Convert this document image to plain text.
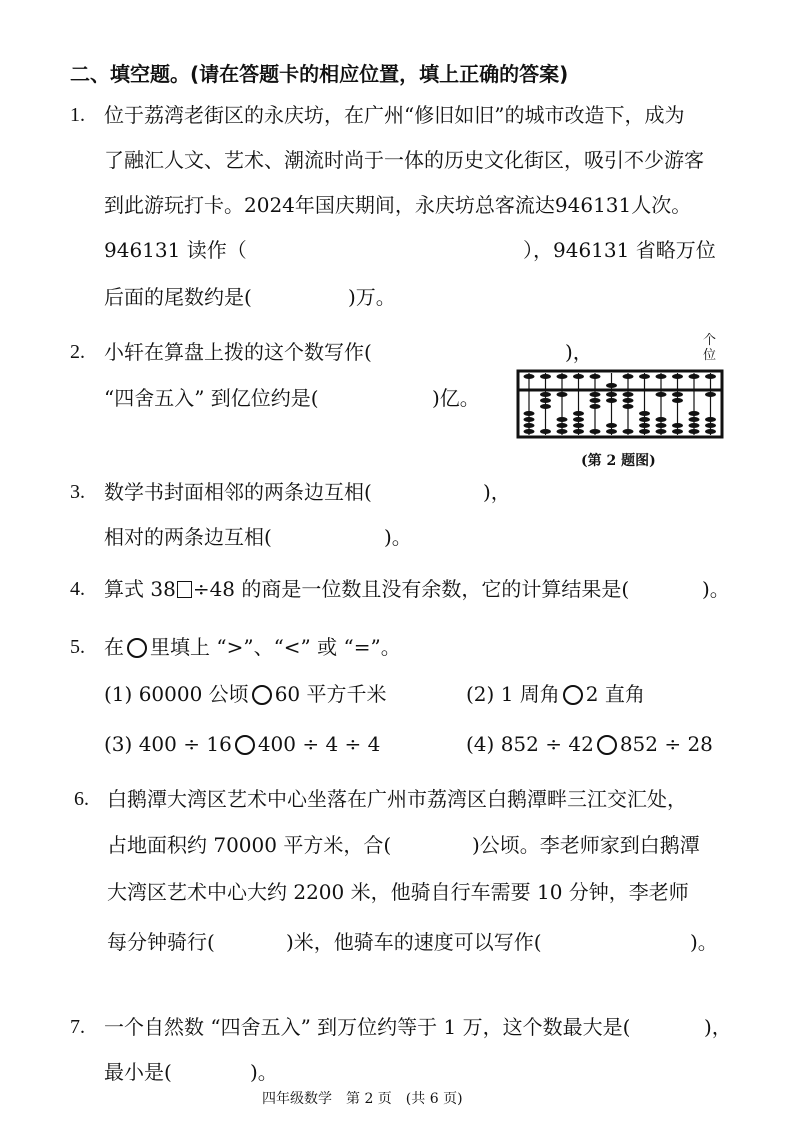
二、填空题。(请在答题卡的相应位置，填上正确的答案)
1. 位于荔湾老街区的永庆坊，在广州“修旧如旧”的城市改造下，成为
了融汇人文、艺术、潮流时尚于一体的历史文化街区，吸引不少游客
到此游玩打卡。2024年国庆期间，永庆坊总客流达946131人次。
946131 读作（	），946131 省略万位
后面的尾数约是(	)万。
2. 小轩在算盘上拨的这个数写作(	)，
“四舍五入” 到亿位约是(	)亿。
个
位
(第 2 题图)
3. 数学书封面相邻的两条边互相(	)，
相对的两条边互相(	)。
4. 算式 38 ÷48 的商是一位数且没有余数，它的计算结果是(	)。
5. 在 里填上 “>”、“<” 或 “=”。
(1) 60000 公顷 60 平方千米	(2) 1 周角 2 直角
(3) 400 ÷ 16 400 ÷ 4 ÷ 4	(4) 852 ÷ 42 852 ÷ 28
6. 白鹅潭大湾区艺术中心坐落在广州市荔湾区白鹅潭畔三江交汇处，
占地面积约 70000 平方米，合(	)公顷。李老师家到白鹅潭
大湾区艺术中心大约 2200 米，他骑自行车需要 10 分钟，李老师
每分钟骑行(	)米，他骑车的速度可以写作(	)。
7. 一个自然数 “四舍五入” 到万位约等于 1 万，这个数最大是(	)，
最小是(	)。
四年级数学　第 2 页　(共 6 页)
